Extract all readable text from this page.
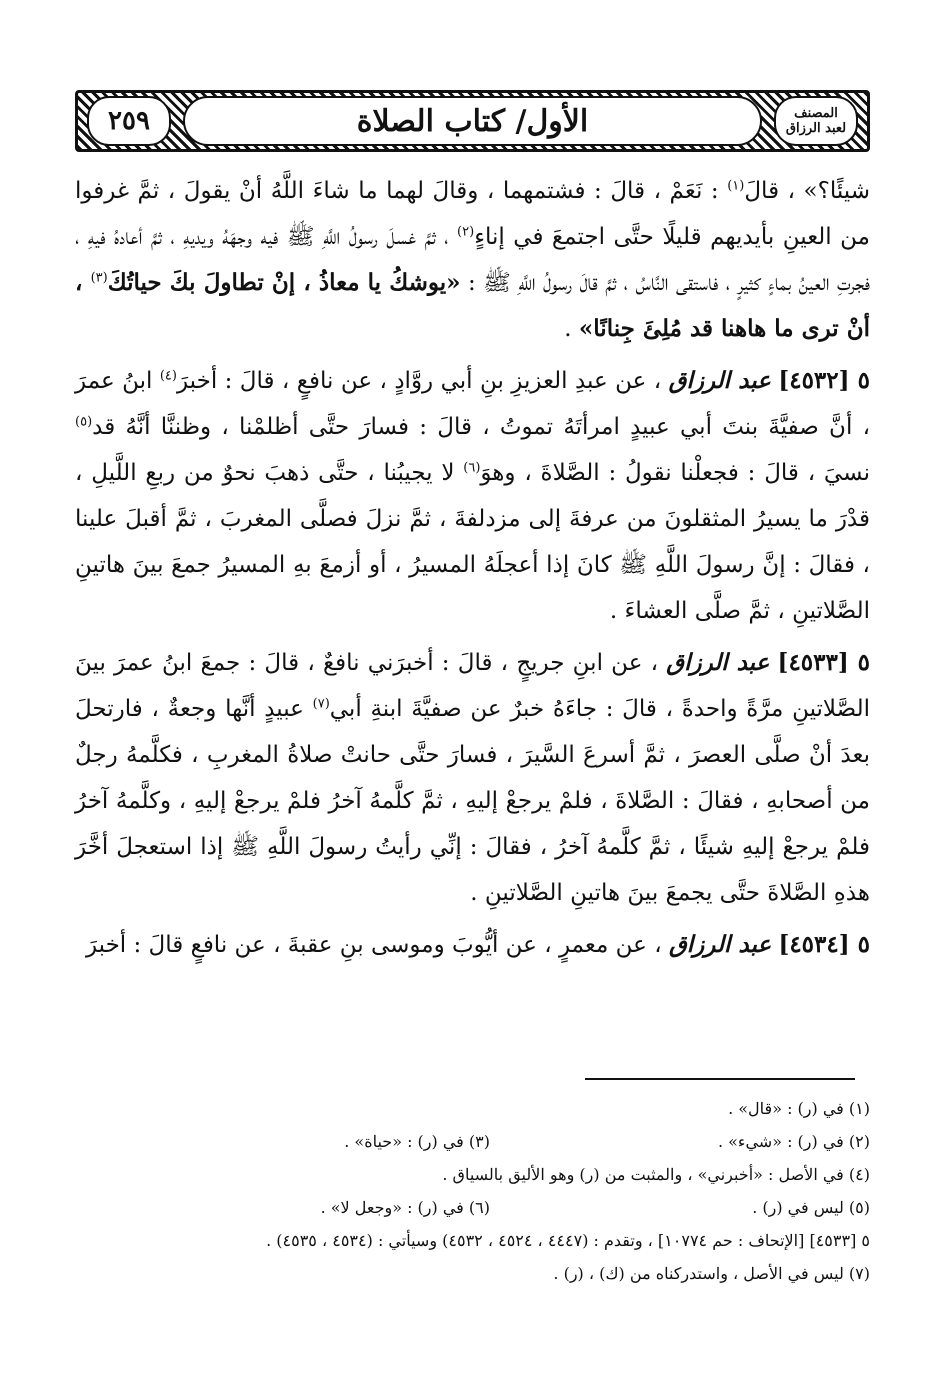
٢٥٩	الأول/ كتاب الصلاة	المصنف
لعبد الرزاق

شيئًا؟» ، قالَ$^{(١)}$ : نَعَمْ ، قالَ : فشتمهما ، وقالَ لهما ما شاءَ اللَّهُ أنْ يقولَ ، ثمَّ غرفوا من العينِ بأيديهم قليلًا حتَّى اجتمعَ في إناءٍ$^{(٢)}$ ، ثمَّ غسلَ رسولُ اللَّهِ ﷺ فيه وجهَهُ ويديهِ ، ثمَّ أعادهُ فيهِ ، فجرتِ العينُ بماءٍ كثيرٍ ، فاستقى النَّاسُ ، ثمَّ قالَ رسولُ اللَّهِ ﷺ : «يوشكُ يا معاذُ ، إنْ تطاولَ بكَ حياتُكَ$^{(٣)}$ ، أنْ ترى ما هاهنا قد مُلِئَ جِنانًا» .

٥ [٤٥٣٢] عبد الرزاق ، عن عبدِ العزيزِ بنِ أبي روَّادٍ ، عن نافعٍ ، قالَ : أخبرَ$^{(٤)}$ ابنُ عمرَ ، أنَّ صفيَّةَ بنتَ أبي عبيدٍ امرأتَهُ تموتُ ، قالَ : فسارَ حتَّى أظلمْنا ، وظننَّا أنَّهُ قد$^{(٥)}$ نسيَ ، قالَ : فجعلْنا نقولُ : الصَّلاةَ ، وهوَ$^{(٦)}$ لا يجيبُنا ، حتَّى ذهبَ نحوٌ من ربعِ اللَّيلِ ، قدْرَ ما يسيرُ المثقلونَ من عرفةَ إلى مزدلفةَ ، ثمَّ نزلَ فصلَّى المغربَ ، ثمَّ أقبلَ علينا ، فقالَ : إنَّ رسولَ اللَّهِ ﷺ كانَ إذا أعجلَهُ المسيرُ ، أو أزمعَ بهِ المسيرُ جمعَ بينَ هاتينِ الصَّلاتينِ ، ثمَّ صلَّى العشاءَ .

٥ [٤٥٣٣] عبد الرزاق ، عن ابنِ جريجٍ ، قالَ : أخبرَني نافعٌ ، قالَ : جمعَ ابنُ عمرَ بينَ الصَّلاتينِ مرَّةً واحدةً ، قالَ : جاءَهُ خبرٌ عن صفيَّةَ ابنةِ أبي$^{(٧)}$ عبيدٍ أنَّها وجعةٌ ، فارتحلَ بعدَ أنْ صلَّى العصرَ ، ثمَّ أسرعَ السَّيرَ ، فسارَ حتَّى حانتْ صلاةُ المغربِ ، فكلَّمهُ رجلٌ من أصحابهِ ، فقالَ : الصَّلاةَ ، فلمْ يرجعْ إليهِ ، ثمَّ كلَّمهُ آخرُ فلمْ يرجعْ إليهِ ، وكلَّمهُ آخرُ فلمْ يرجعْ إليهِ شيئًا ، ثمَّ كلَّمهُ آخرُ ، فقالَ : إنِّي رأيتُ رسولَ اللَّهِ ﷺ إذا استعجلَ أخَّرَ هذهِ الصَّلاةَ حتَّى يجمعَ بينَ هاتينِ الصَّلاتينِ .

٥ [٤٥٣٤] عبد الرزاق ، عن معمرٍ ، عن أيُّوبَ وموسى بنِ عقبةَ ، عن نافعٍ قالَ : أخبرَ

(١) في (ر) : «قال» .
(٢) في (ر) : «شيء» .
(٣) في (ر) : «حياة» .
(٤) في الأصل : «أخبرني» ، والمثبت من (ر) وهو الأليق بالسياق .
(٥) ليس في (ر) .
(٦) في (ر) : «وجعل لا» .
٥ [٤٥٣٣] [الإتحاف : حم ١٠٧٧٤] ، وتقدم : (٤٤٤٧ ، ٤٥٢٤ ، ٤٥٣٢) وسيأتي : (٤٥٣٤ ، ٤٥٣٥) .
(٧) ليس في الأصل ، واستدركناه من (ك) ، (ر) .
